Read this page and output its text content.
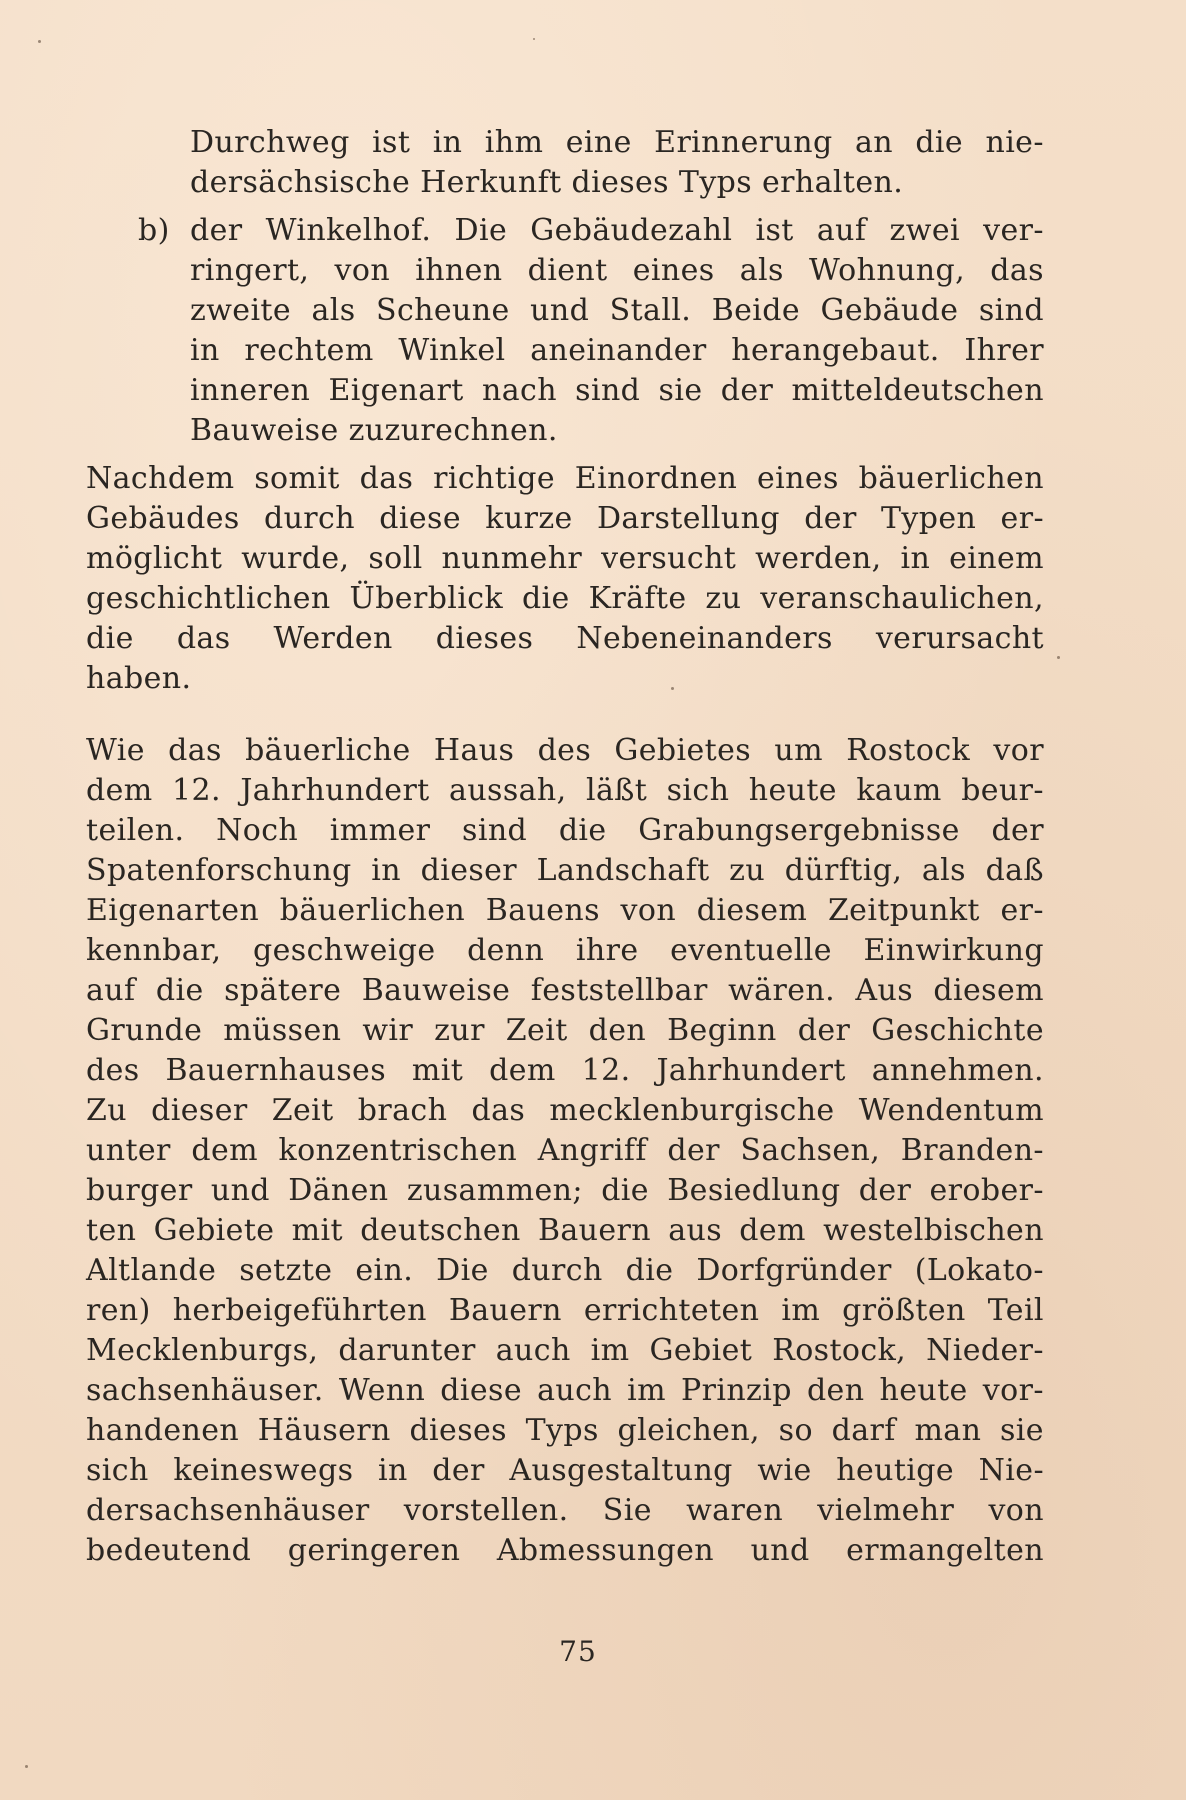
Durchweg ist in ihm eine Erinnerung an die nie-
dersächsische Herkunft dieses Typs erhalten.
b) der Winkelhof. Die Gebäudezahl ist auf zwei ver-
ringert, von ihnen dient eines als Wohnung, das
zweite als Scheune und Stall. Beide Gebäude sind
in rechtem Winkel aneinander herangebaut. Ihrer
inneren Eigenart nach sind sie der mitteldeutschen
Bauweise zuzurechnen.
Nachdem somit das richtige Einordnen eines bäuerlichen
Gebäudes durch diese kurze Darstellung der Typen er-
möglicht wurde, soll nunmehr versucht werden, in einem
geschichtlichen Überblick die Kräfte zu veranschaulichen,
die das Werden dieses Nebeneinanders verursacht
haben.
Wie das bäuerliche Haus des Gebietes um Rostock vor
dem 12. Jahrhundert aussah, läßt sich heute kaum beur-
teilen. Noch immer sind die Grabungsergebnisse der
Spatenforschung in dieser Landschaft zu dürftig, als daß
Eigenarten bäuerlichen Bauens von diesem Zeitpunkt er-
kennbar, geschweige denn ihre eventuelle Einwirkung
auf die spätere Bauweise feststellbar wären. Aus diesem
Grunde müssen wir zur Zeit den Beginn der Geschichte
des Bauernhauses mit dem 12. Jahrhundert annehmen.
Zu dieser Zeit brach das mecklenburgische Wendentum
unter dem konzentrischen Angriff der Sachsen, Branden-
burger und Dänen zusammen; die Besiedlung der erober-
ten Gebiete mit deutschen Bauern aus dem westelbischen
Altlande setzte ein. Die durch die Dorfgründer (Lokato-
ren) herbeigeführten Bauern errichteten im größten Teil
Mecklenburgs, darunter auch im Gebiet Rostock, Nieder-
sachsenhäuser. Wenn diese auch im Prinzip den heute vor-
handenen Häusern dieses Typs gleichen, so darf man sie
sich keineswegs in der Ausgestaltung wie heutige Nie-
dersachsenhäuser vorstellen. Sie waren vielmehr von
bedeutend geringeren Abmessungen und ermangelten
75
